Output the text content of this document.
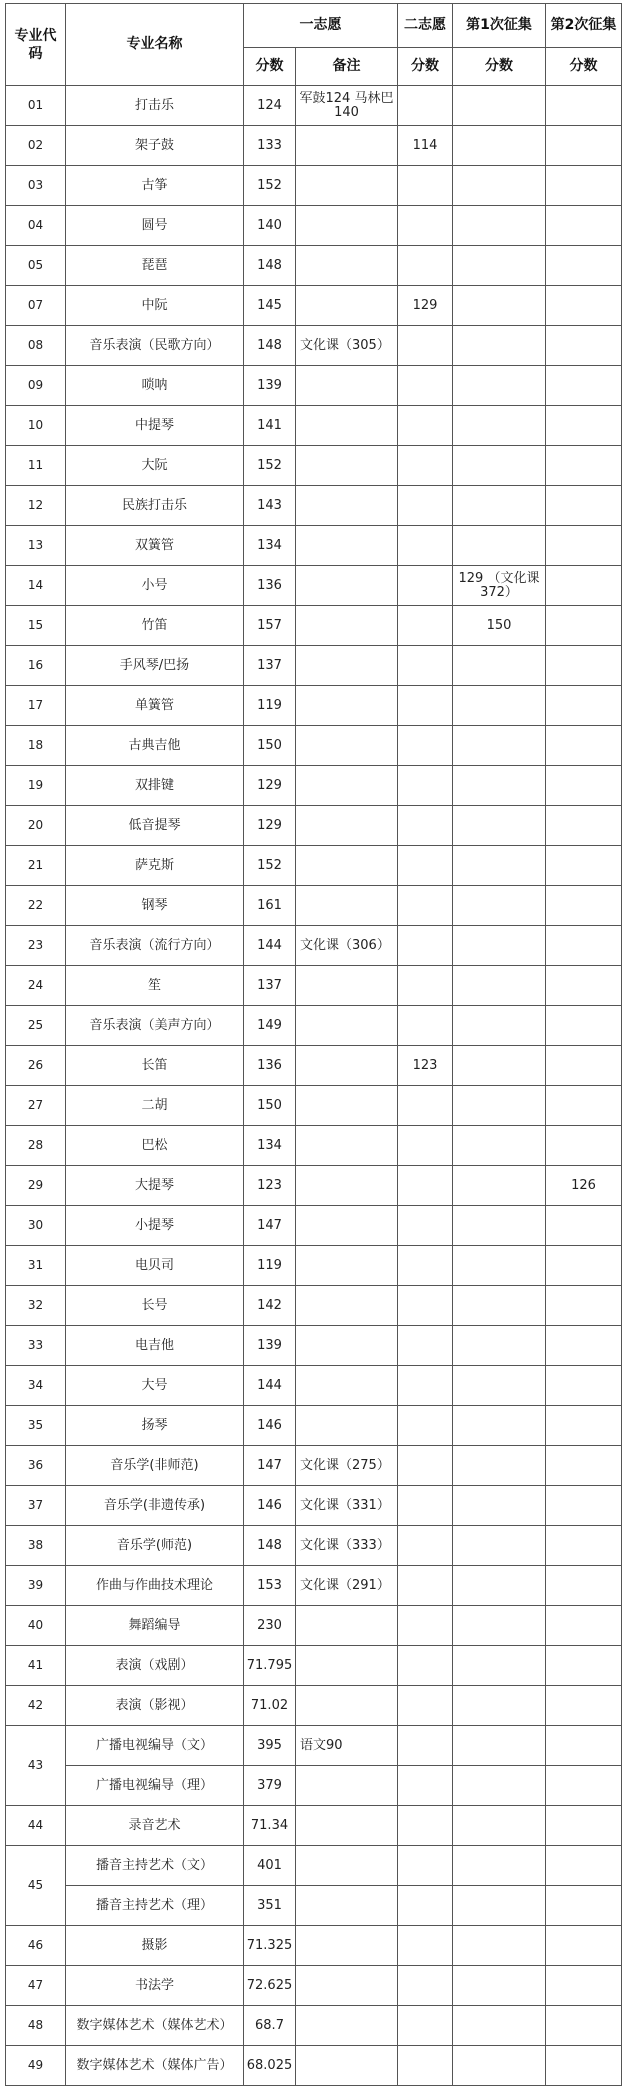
专业代码	专业名称	一志愿		二志愿	第1次征集	第2次征集
		分数	备注	分数	分数	分数
01	打击乐	124	军鼓124 马林巴140			
02	架子鼓	133		114		
03	古筝	152				
04	圆号	140				
05	琵琶	148				
07	中阮	145		129		
08	音乐表演（民歌方向）	148	文化课（305）			
09	唢呐	139				
10	中提琴	141				
11	大阮	152				
12	民族打击乐	143				
13	双簧管	134				
14	小号	136			129 （文化课372）	
15	竹笛	157			150	
16	手风琴/巴扬	137				
17	单簧管	119				
18	古典吉他	150				
19	双排键	129				
20	低音提琴	129				
21	萨克斯	152				
22	钢琴	161				
23	音乐表演（流行方向）	144	文化课（306）			
24	笙	137				
25	音乐表演（美声方向）	149				
26	长笛	136		123		
27	二胡	150				
28	巴松	134				
29	大提琴	123				126
30	小提琴	147				
31	电贝司	119				
32	长号	142				
33	电吉他	139				
34	大号	144				
35	扬琴	146				
36	音乐学(非师范)	147	文化课（275）			
37	音乐学(非遗传承)	146	文化课（331）			
38	音乐学(师范)	148	文化课（333）			
39	作曲与作曲技术理论	153	文化课（291）			
40	舞蹈编导	230				
41	表演（戏剧）	71.795				
42	表演（影视）	71.02				
43	广播电视编导（文）	395	语文90			
	广播电视编导（理）	379				
44	录音艺术	71.34				
45	播音主持艺术（文）	401				
	播音主持艺术（理）	351				
46	摄影	71.325				
47	书法学	72.625				
48	数字媒体艺术（媒体艺术）	68.7				
49	数字媒体艺术（媒体广告）	68.025				
